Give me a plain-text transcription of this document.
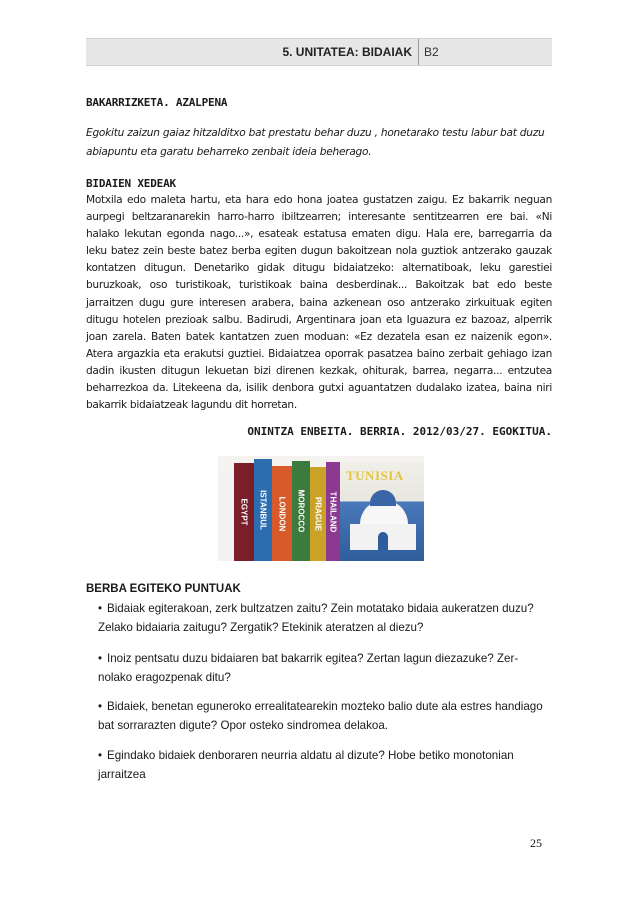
5. UNITATEA: BIDAIAK B2
BAKARRIZKETA. AZALPENA
Egokitu zaizun gaiaz hitzalditxo bat prestatu behar duzu , honetarako testu labur bat duzu abiapuntu eta garatu beharreko zenbait ideia beherago.
BIDAIEN XEDEAK
Motxila edo maleta hartu, eta hara edo hona joatea gustatzen zaigu. Ez bakarrik neguan aurpegi beltzaranarekin harro-harro ibiltzearren; interesante sentitzearren ere bai. «Ni halako lekutan egonda nago...», esateak estatusa ematen digu. Hala ere, barregarria da leku batez zein beste batez berba egiten dugun bakoitzean nola guztiok antzerako gauzak kontatzen ditugun. Denetariko gidak ditugu bidaiatzeko: alternatiboak, leku garestiei buruzkoak, oso turistikoak, turistikoak baina desberdinak... Bakoitzak bat edo beste jarraitzen dugu gure interesen arabera, baina azkenean oso antzerako zirkuituak egiten ditugu hotelen prezioak salbu. Badirudi, Argentinara joan eta Iguazura ez bazoaz, alperrik joan zarela. Baten batek kantatzen zuen moduan: «Ez dezatela esan ez naizenik egon». Atera argazkia eta erakutsi guztiei. Bidaiatzea oporrak pasatzea baino zerbait gehiago izan dadin ikusten ditugun lekuetan bizi direnen kezkak, ohiturak, barrea, negarra... entzutea beharrezkoa da. Litekeena da, isilik denbora gutxi aguantatzen dudalako izatea, baina niri bakarrik bidaiatzeak lagundu dit horretan.
ONINTZA ENBEITA. BERRIA. 2012/03/27. EGOKITUA.
EGYPT ISTANBUL LONDON MOROCCO PRAGUE THAILAND
TUNISIA
BERBA EGITEKO PUNTUAK
• Bidaiak egiterakoan, zerk bultzatzen zaitu? Zein motatako bidaia aukeratzen duzu? Zelako bidaiaria zaitugu? Zergatik? Etekinik ateratzen al diezu?
• Inoiz pentsatu duzu bidaiaren bat bakarrik egitea? Zertan lagun diezazuke? Zer-nolako eragozpenak ditu?
• Bidaiek, benetan eguneroko errealitatearekin mozteko balio dute ala estres handiago bat sorrarazten digute? Opor osteko sindromea delakoa.
• Egindako bidaiek denboraren neurria aldatu al dizute? Hobe betiko monotonian jarraitzea
25
